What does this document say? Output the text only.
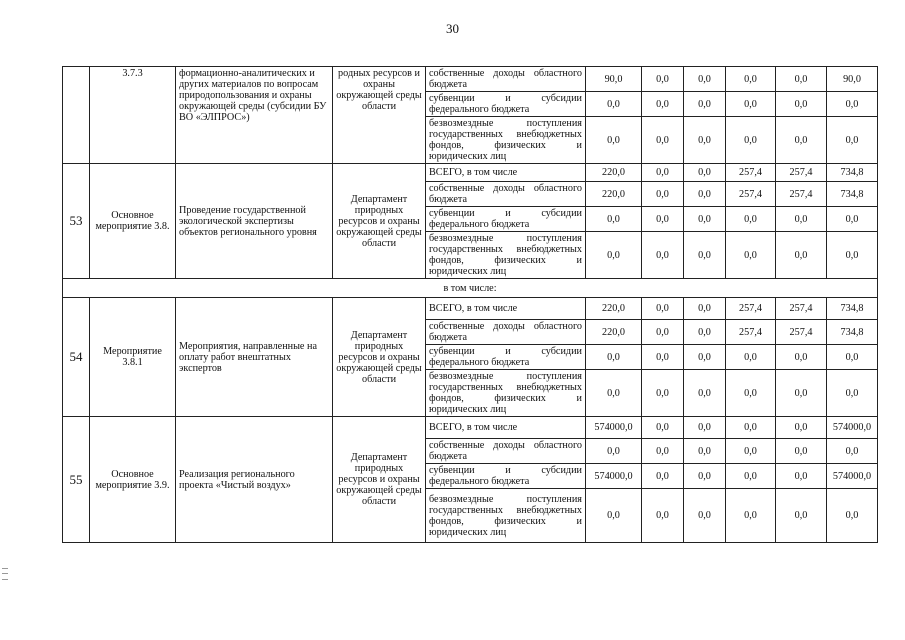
30
	3.7.3	формационно-аналитических и других материалов по вопросам природопользования и охраны окружающей среды (субсидии БУ ВО «ЭЛПРОС»)	родных ресурсов и охраны окружающей среды области	собственные доходы областного бюджета	90,0	0,0	0,0	0,0	0,0	90,0
				субвенции и субсидии федерального бюджета	0,0	0,0	0,0	0,0	0,0	0,0
				безвозмездные поступления государственных внебюджетных фондов, физических и юридических лиц	0,0	0,0	0,0	0,0	0,0	0,0
53	Основное мероприятие 3.8.	Проведение государственной экологической экспертизы объектов регионального уровня	Департамент природных ресурсов и охраны окружающей среды области	ВСЕГО, в том числе	220,0	0,0	0,0	257,4	257,4	734,8
				собственные доходы областного бюджета	220,0	0,0	0,0	257,4	257,4	734,8
				субвенции и субсидии федерального бюджета	0,0	0,0	0,0	0,0	0,0	0,0
				безвозмездные поступления государственных внебюджетных фондов, физических и юридических лиц	0,0	0,0	0,0	0,0	0,0	0,0
в том числе:										
54	Мероприятие 3.8.1	Мероприятия, направленные на оплату работ внештатных экспертов	Департамент природных ресурсов и охраны окружающей среды области	ВСЕГО, в том числе	220,0	0,0	0,0	257,4	257,4	734,8
				собственные доходы областного бюджета	220,0	0,0	0,0	257,4	257,4	734,8
				субвенции и субсидии федерального бюджета	0,0	0,0	0,0	0,0	0,0	0,0
				безвозмездные поступления государственных внебюджетных фондов, физических и юридических лиц	0,0	0,0	0,0	0,0	0,0	0,0
55	Основное мероприятие 3.9.	Реализация регионального проекта «Чистый воздух»	Департамент природных ресурсов и охраны окружающей среды области	ВСЕГО, в том числе	574000,0	0,0	0,0	0,0	0,0	574000,0
				собственные доходы областного бюджета	0,0	0,0	0,0	0,0	0,0	0,0
				субвенции и субсидии федерального бюджета	574000,0	0,0	0,0	0,0	0,0	574000,0
				безвозмездные поступления государственных внебюджетных фондов, физических и юридических лиц	0,0	0,0	0,0	0,0	0,0	0,0
